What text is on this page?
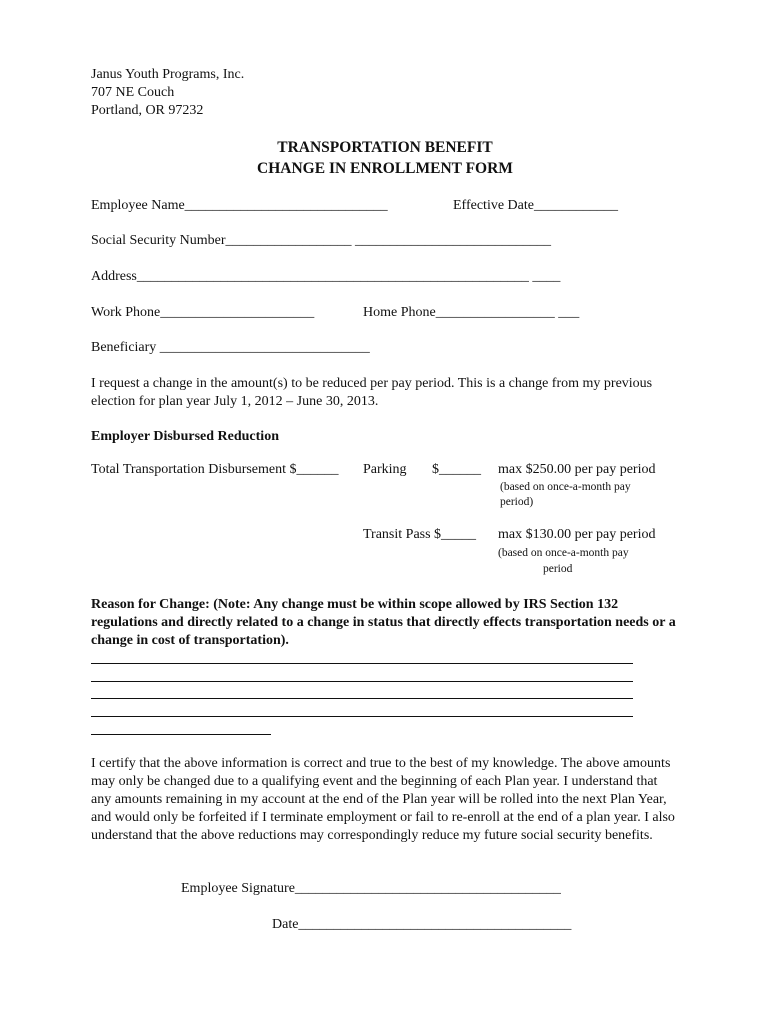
Janus Youth Programs, Inc.
707 NE Couch
Portland, OR 97232
TRANSPORTATION BENEFIT
CHANGE IN ENROLLMENT FORM
Employee Name_____________________________	Effective Date____________
Social Security Number__________________ ____________________________
Address________________________________________________________ ____
Work Phone______________________	Home Phone_________________ ___
Beneficiary ______________________________
I request a change in the amount(s) to be reduced per pay period. This is a change from my previous election for plan year July 1, 2012 – June 30, 2013.
Employer Disbursed Reduction
Total Transportation Disbursement $______ Parking $______ max $250.00 per pay period
(based on once-a-month pay
period)
Transit Pass $_____ max $130.00 per pay period
(based on once-a-month pay
period
Reason for Change: (Note: Any change must be within scope allowed by IRS Section 132 regulations and directly related to a change in status that directly effects transportation needs or a change in cost of transportation).
I certify that the above information is correct and true to the best of my knowledge. The above amounts may only be changed due to a qualifying event and the beginning of each Plan year. I understand that any amounts remaining in my account at the end of the Plan year will be rolled into the next Plan Year, and would only be forfeited if I terminate employment or fail to re-enroll at the end of a plan year. I also understand that the above reductions may correspondingly reduce my future social security benefits.
Employee Signature______________________________________
Date_______________________________________
